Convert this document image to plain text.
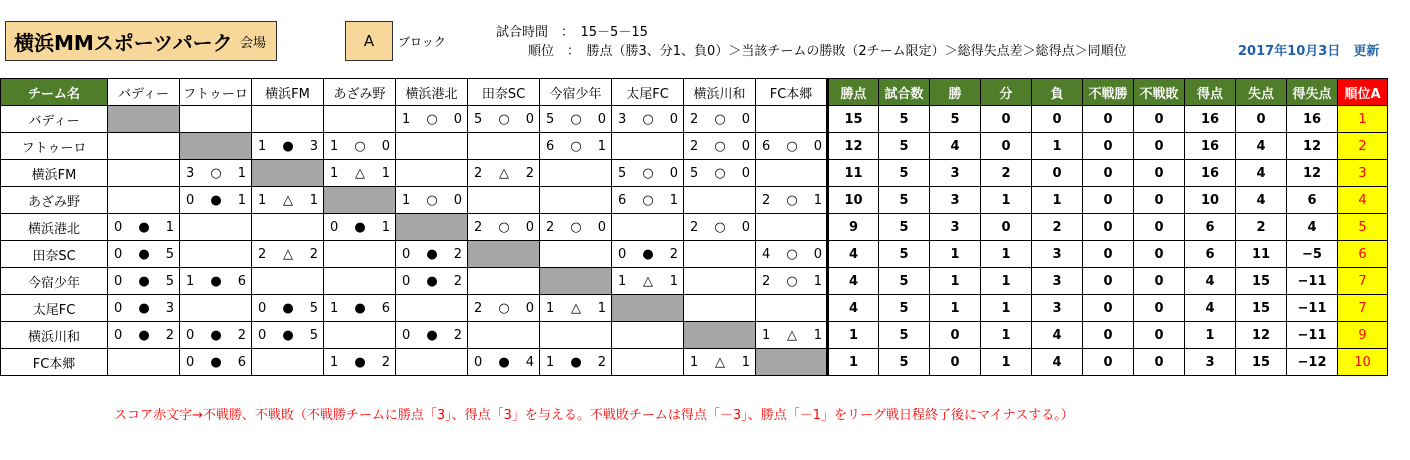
横浜MMスポーツパーク 会場	A	ブロック
試合時間　：　15－5－15
順位　：　勝点（勝3、分1、負0）＞当該チームの勝敗（2チーム限定）＞総得失点差＞総得点＞同順位	2017年10月3日　更新
チーム名	バディー	フトゥーロ	横浜FM	あざみ野	横浜港北	田奈SC	今宿少年	太尾FC	横浜川和	FC本郷	勝点	試合数	勝	分	負	不戦勝	不戦敗	得点	失点	得失点	順位A
バディー					1 ○ 0	5 ○ 0	5 ○ 0	3 ○ 0	2 ○ 0		15	5	5	0	0	0	0	16	0	16	1
フトゥーロ			1 ● 3	1 ○ 0			6 ○ 1		2 ○ 0	6 ○ 0	12	5	4	0	1	0	0	16	4	12	2
横浜FM		3 ○ 1		1 △ 1		2 △ 2		5 ○ 0	5 ○ 0		11	5	3	2	0	0	0	16	4	12	3
あざみ野		0 ● 1	1 △ 1		1 ○ 0			6 ○ 1		2 ○ 1	10	5	3	1	1	0	0	10	4	6	4
横浜港北	0 ● 1			0 ● 1		2 ○ 0	2 ○ 0		2 ○ 0		9	5	3	0	2	0	0	6	2	4	5
田奈SC	0 ● 5		2 △ 2		0 ● 2			0 ● 2		4 ○ 0	4	5	1	1	3	0	0	6	11	−5	6
今宿少年	0 ● 5	1 ● 6			0 ● 2			1 △ 1		2 ○ 1	4	5	1	1	3	0	0	4	15	−11	7
太尾FC	0 ● 3		0 ● 5	1 ● 6		2 ○ 0	1 △ 1				4	5	1	1	3	0	0	4	15	−11	7
横浜川和	0 ● 2	0 ● 2	0 ● 5		0 ● 2					1 △ 1	1	5	0	1	4	0	0	1	12	−11	9
FC本郷		0 ● 6		1 ● 2		0 ● 4	1 ● 2		1 △ 1		1	5	0	1	4	0	0	3	15	−12	10
スコア赤文字→不戦勝、不戦敗（不戦勝チームに勝点「3」、得点「3」を与える。不戦敗チームは得点「－3」、勝点「－1」をリーグ戦日程終了後にマイナスする。）
